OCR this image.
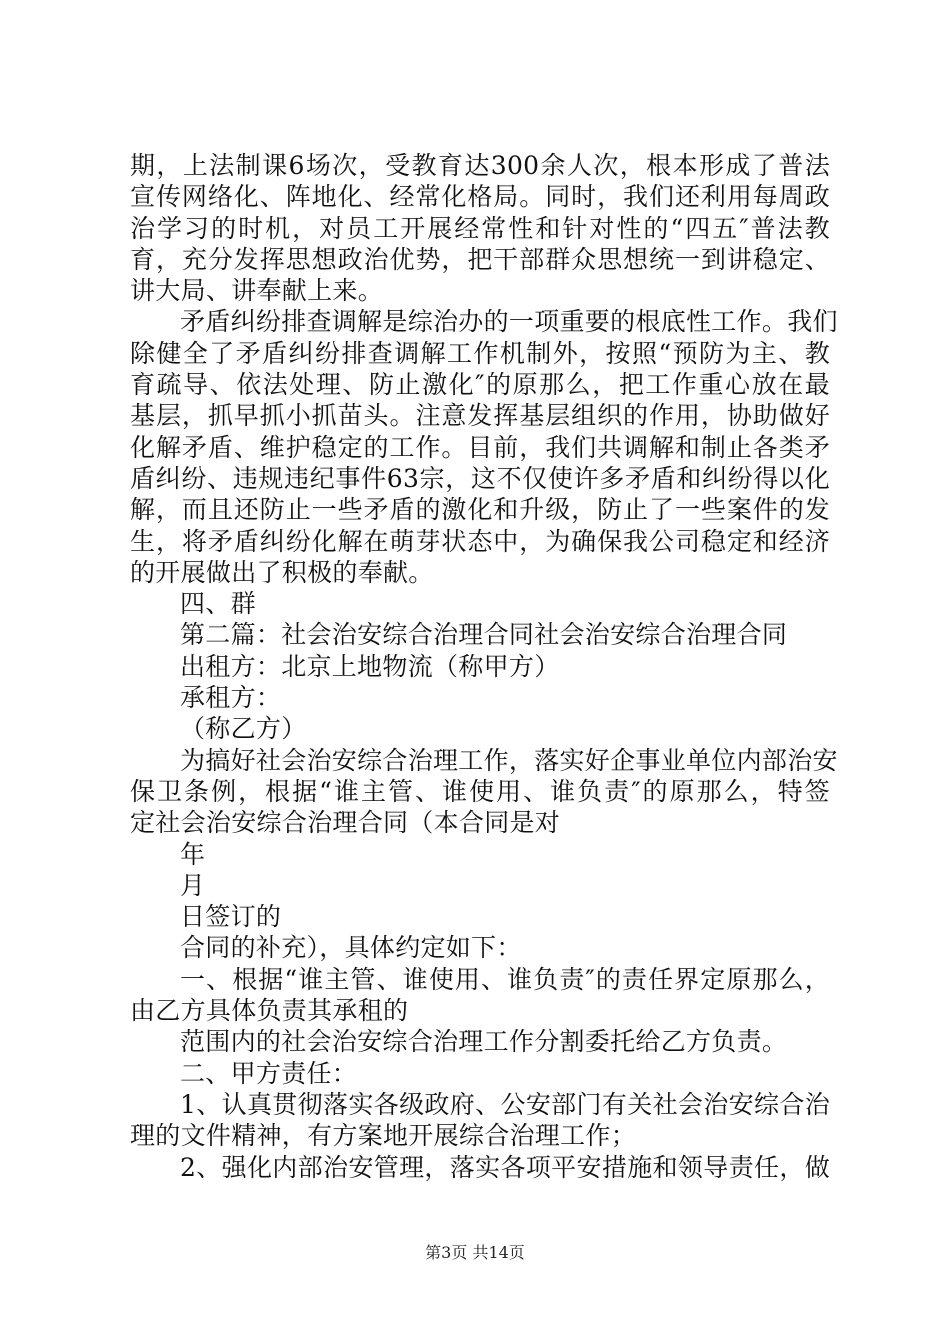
期，上法制课6场次，受教育达300余人次，根本形成了普法
宣传网络化、阵地化、经常化格局。同时，我们还利用每周政
治学习的时机，对员工开展经常性和针对性的“四五″普法教
育，充分发挥思想政治优势，把干部群众思想统一到讲稳定、
讲大局、讲奉献上来。
矛盾纠纷排查调解是综治办的一项重要的根底性工作。我们
除健全了矛盾纠纷排查调解工作机制外，按照“预防为主、教
育疏导、依法处理、防止激化″的原那么，把工作重心放在最
基层，抓早抓小抓苗头。注意发挥基层组织的作用，协助做好
化解矛盾、维护稳定的工作。目前，我们共调解和制止各类矛
盾纠纷、违规违纪事件63宗，这不仅使许多矛盾和纠纷得以化
解，而且还防止一些矛盾的激化和升级，防止了一些案件的发
生，将矛盾纠纷化解在萌芽状态中，为确保我公司稳定和经济
的开展做出了积极的奉献。
四、群
第二篇：社会治安综合治理合同社会治安综合治理合同
出租方：北京上地物流（称甲方）
承租方：
（称乙方）
为搞好社会治安综合治理工作，落实好企事业单位内部治安
保卫条例，根据“谁主管、谁使用、谁负责″的原那么，特签
定社会治安综合治理合同（本合同是对
年
月
日签订的
合同的补充），具体约定如下：
一、根据“谁主管、谁使用、谁负责″的责任界定原那么，
由乙方具体负责其承租的
范围内的社会治安综合治理工作分割委托给乙方负责。
二、甲方责任：
1、认真贯彻落实各级政府、公安部门有关社会治安综合治
理的文件精神，有方案地开展综合治理工作；
2、强化内部治安管理，落实各项平安措施和领导责任，做
第3页 共14页
